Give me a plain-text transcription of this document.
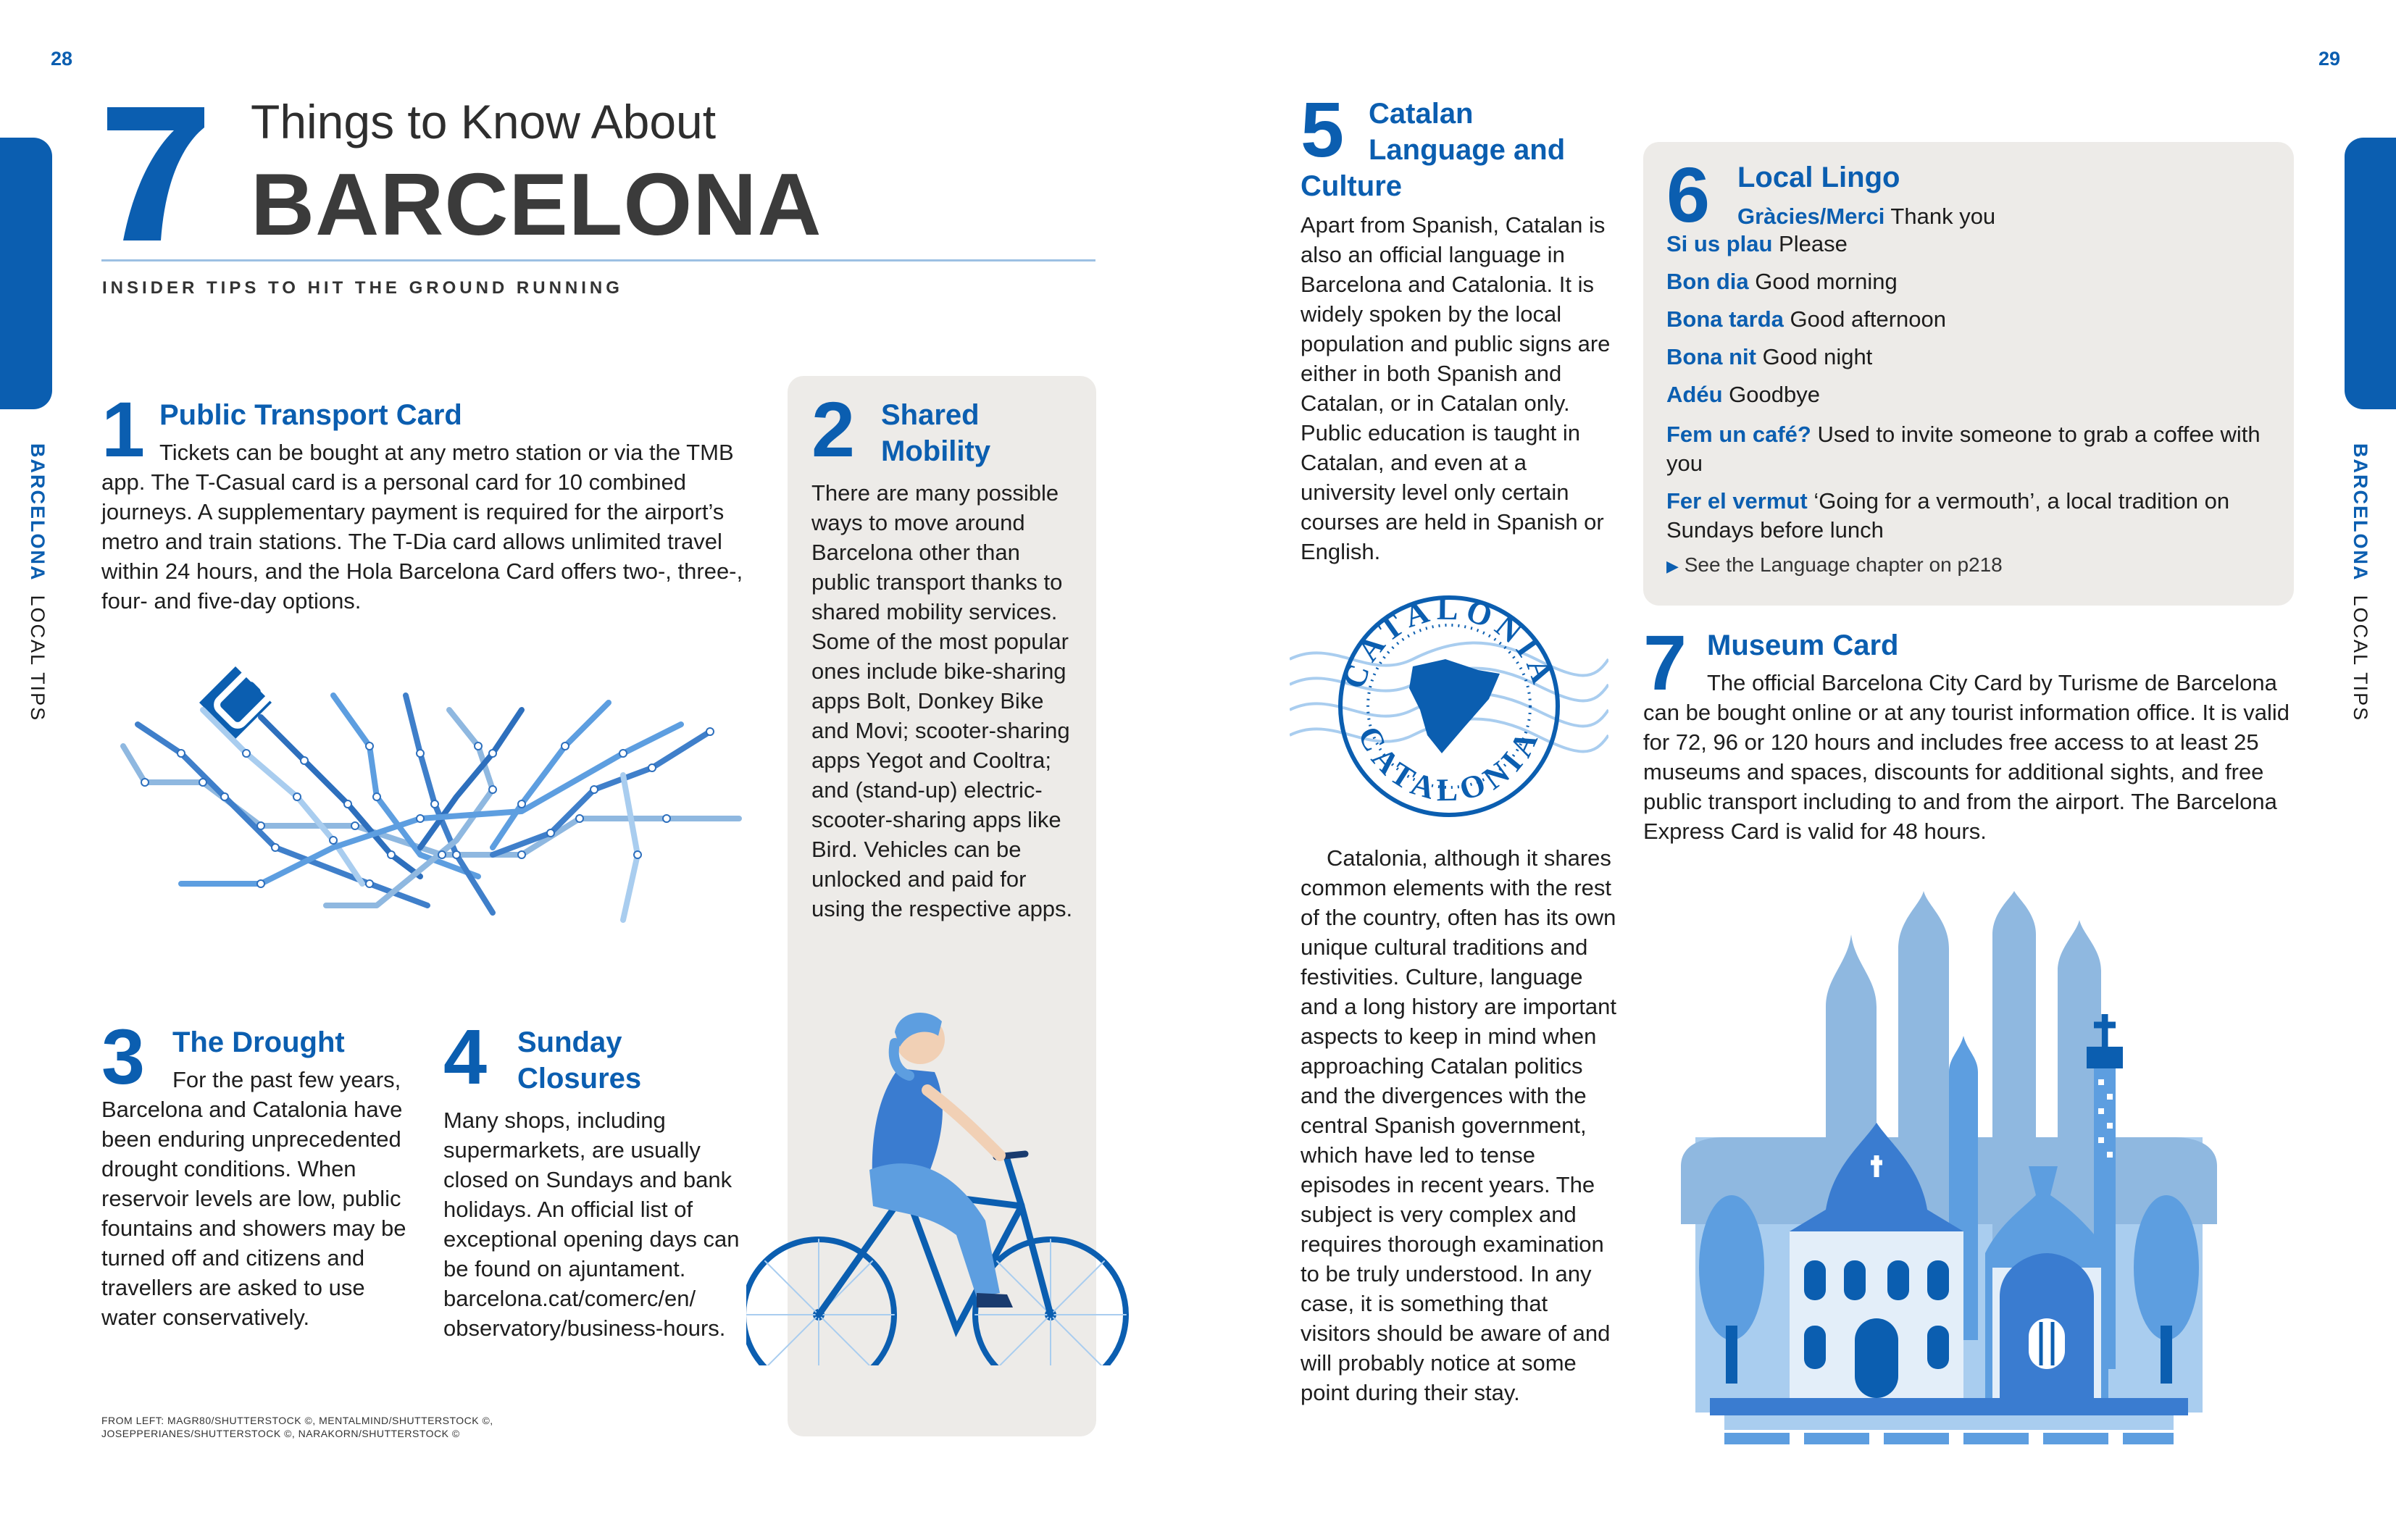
28	29
BARCELONA  LOCAL TIPS
BARCELONA  LOCAL TIPS
Things to Know About
BARCELONA
INSIDER TIPS TO HIT THE GROUND RUNNING
1 Public Transport Card

Tickets can be bought at any metro station or via the TMB app. The T-Casual card is a personal card for 10 combined journeys. A supplementary payment is required for the airport’s metro and train stations. The T-Dia card allows unlimited travel within 24 hours, and the Hola Barcelona Card offers two-, three-, four- and five-day options.

2 Shared
Mobility

There are many possible ways to move around Barcelona other than public transport thanks to shared mobility services. Some of the most popular ones include bike-sharing apps Bolt, Donkey Bike and Movi; scooter-sharing apps Yegot and Cooltra; and (stand-up) electric-scooter-sharing apps like Bird. Vehicles can be unlocked and paid for using the respective apps.

3 The Drought

For the past few years, Barcelona and Catalonia have been enduring unprecedented drought conditions. When reservoir levels are low, public fountains and showers may be turned off and citizens and travellers are asked to use water conservatively.

4 Sunday
Closures

Many shops, including supermarkets, are usually closed on Sundays and bank holidays. An official list of exceptional opening days can be found on ajuntament. barcelona.cat/comerc/en/ observatory/business-hours.

FROM LEFT: MAGR80/SHUTTERSTOCK ©, MENTALMIND/SHUTTERSTOCK ©,
JOSEPPERIANES/SHUTTERSTOCK ©, NARAKORN/SHUTTERSTOCK ©
5 Catalan
Language and
Culture

Apart from Spanish, Catalan is also an official language in Barcelona and Catalonia. It is widely spoken by the local population and public signs are either in both Spanish and Catalan, or in Catalan only. Public education is taught in Catalan, and even at a university level only certain courses are held in Spanish or English.

CATALONIA
CATALONIA

Catalonia, although it shares common elements with the rest of the country, often has its own unique cultural traditions and festivities. Culture, language and a long history are important aspects to keep in mind when approaching Catalan politics and the divergences with the central Spanish government, which have led to tense episodes in recent years. The subject is very complex and requires thorough examination to be truly understood. In any case, it is something that visitors should be aware of and will probably notice at some point during their stay.

6 Local Lingo
Gràcies/Merci Thank you
Si us plau Please
Bon dia Good morning
Bona tarda Good afternoon
Bona nit Good night
Adéu Goodbye
Fem un café? Used to invite someone to grab a coffee with you
Fer el vermut ‘Going for a vermouth’, a local tradition on Sundays before lunch
▶ See the Language chapter on p218
7 Museum Card

The official Barcelona City Card by Turisme de Barcelona can be bought online or at any tourist information office. It is valid for 72, 96 or 120 hours and includes free access to at least 25 museums and spaces, discounts for additional sights, and free public transport including to and from the airport. The Barcelona Express Card is valid for 48 hours.
